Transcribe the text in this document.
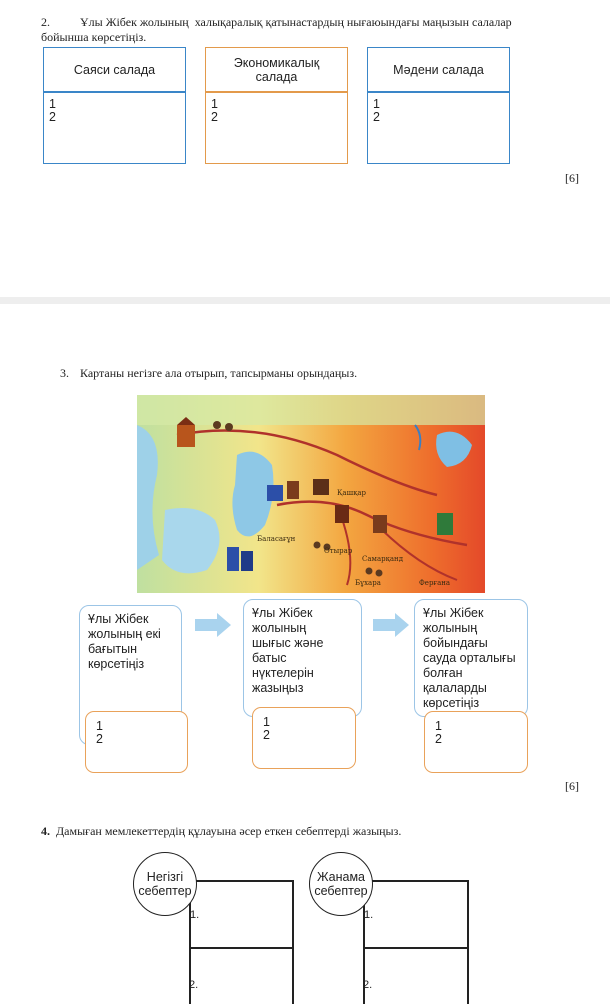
2.	Ұлы Жібек жолының  халықаралық қатынастардың нығаюындағы маңызын салалар
бойынша көрсетіңіз.
Саяси салада
1
2
Экономикалық
салада
1
2
Мәдени салада
1
2
[6]
3. Картаны негізге ала отырып, тапсырманы орындаңыз.
Қашқар
Отырар
Самарқанд
Бұхара	Ферғана
Баласағұн
Ұлы Жібек
жолының екі
бағытын
көрсетіңіз
1
2
Ұлы Жібек
жолының
шығыс және
батыс
нүктелерін
жазыңыз
1
2
Ұлы Жібек
жолының
бойындағы
сауда орталығы
болған
қалаларды
көрсетіңіз
1
2
[6]
4. Дамыған мемлекеттердің құлауына әсер еткен себептерді жазыңыз.
Негізгі
себептер
1.
2.
Жанама
себептер
1.
2.
